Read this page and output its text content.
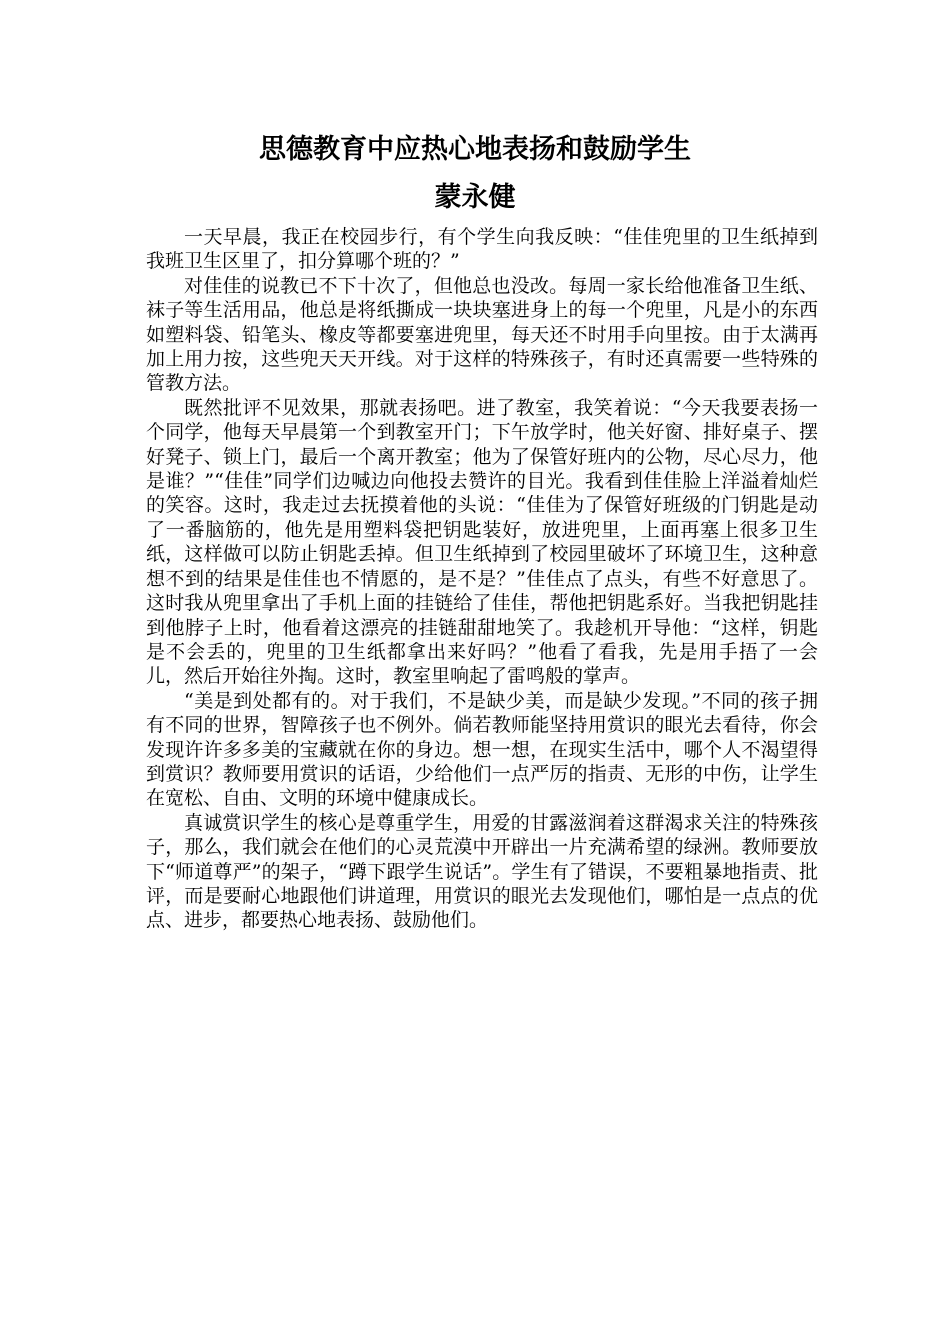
思德教育中应热心地表扬和鼓励学生
蒙永健

一天早晨，我正在校园步行，有个学生向我反映：“佳佳兜里的卫生纸掉到我班卫生区里了，扣分算哪个班的？”

对佳佳的说教已不下十次了，但他总也没改。每周一家长给他准备卫生纸、袜子等生活用品，他总是将纸撕成一块块塞进身上的每一个兜里，凡是小的东西如塑料袋、铅笔头、橡皮等都要塞进兜里，每天还不时用手向里按。由于太满再加上用力按，这些兜天天开线。对于这样的特殊孩子，有时还真需要一些特殊的管教方法。

既然批评不见效果，那就表扬吧。进了教室，我笑着说：“今天我要表扬一个同学，他每天早晨第一个到教室开门；下午放学时，他关好窗、排好桌子、摆好凳子、锁上门，最后一个离开教室；他为了保管好班内的公物，尽心尽力，他是谁？”“佳佳”同学们边喊边向他投去赞许的目光。我看到佳佳脸上洋溢着灿烂的笑容。这时，我走过去抚摸着他的头说：“佳佳为了保管好班级的门钥匙是动了一番脑筋的，他先是用塑料袋把钥匙装好，放进兜里，上面再塞上很多卫生纸，这样做可以防止钥匙丢掉。但卫生纸掉到了校园里破坏了环境卫生，这种意想不到的结果是佳佳也不情愿的，是不是？”佳佳点了点头，有些不好意思了。这时我从兜里拿出了手机上面的挂链给了佳佳，帮他把钥匙系好。当我把钥匙挂到他脖子上时，他看着这漂亮的挂链甜甜地笑了。我趁机开导他：“这样，钥匙是不会丢的，兜里的卫生纸都拿出来好吗？”他看了看我，先是用手捂了一会儿，然后开始往外掏。这时，教室里响起了雷鸣般的掌声。

“美是到处都有的。对于我们，不是缺少美，而是缺少发现。”不同的孩子拥有不同的世界，智障孩子也不例外。倘若教师能坚持用赏识的眼光去看待，你会发现许许多多美的宝藏就在你的身边。想一想，在现实生活中，哪个人不渴望得到赏识？教师要用赏识的话语，少给他们一点严厉的指责、无形的中伤，让学生在宽松、自由、文明的环境中健康成长。

真诚赏识学生的核心是尊重学生，用爱的甘露滋润着这群渴求关注的特殊孩子，那么，我们就会在他们的心灵荒漠中开辟出一片充满希望的绿洲。教师要放下“师道尊严”的架子，“蹲下跟学生说话”。学生有了错误，不要粗暴地指责、批评，而是要耐心地跟他们讲道理，用赏识的眼光去发现他们，哪怕是一点点的优点、进步，都要热心地表扬、鼓励他们。
